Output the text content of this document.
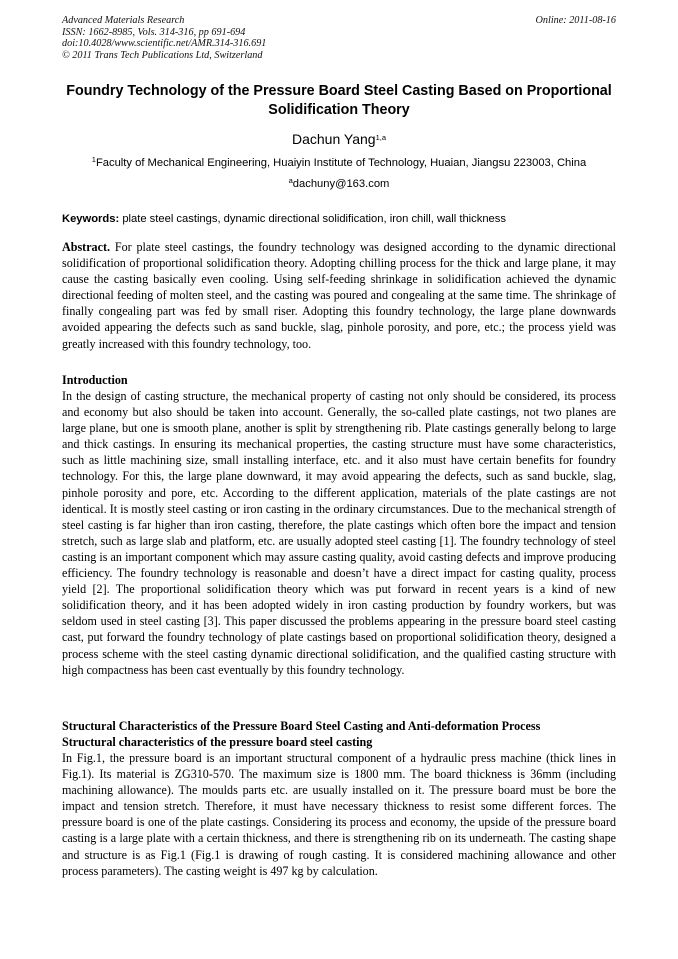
Advanced Materials Research
ISSN: 1662-8985, Vols. 314-316, pp 691-694
doi:10.4028/www.scientific.net/AMR.314-316.691
© 2011 Trans Tech Publications Ltd, Switzerland
Online: 2011-08-16
Foundry Technology of the Pressure Board Steel Casting Based on Proportional Solidification Theory
Dachun Yang$^{1,a}$
$^1$Faculty of Mechanical Engineering, Huaiyin Institute of Technology, Huaian, Jiangsu 223003, China
$^a$dachuny@163.com
Keywords: plate steel castings, dynamic directional solidification, iron chill, wall thickness

Abstract. For plate steel castings, the foundry technology was designed according to the dynamic directional solidification of proportional solidification theory. Adopting chilling process for the thick and large plane, it may cause the casting basically even cooling. Using self-feeding shrinkage in solidification achieved the dynamic directional feeding of molten steel, and the casting was poured and congealing at the same time. The shrinkage of finally congealing part was fed by small riser. Adopting this foundry technology, the large plane downwards avoided appearing the defects such as sand buckle, slag, pinhole porosity, and pore, etc.; the process yield was greatly increased with this foundry technology, too.

Introduction

In the design of casting structure, the mechanical property of casting not only should be considered, its process and economy but also should be taken into account. Generally, the so-called plate castings, not two planes are large plane, but one is smooth plane, another is split by strengthening rib. Plate castings generally belong to large and thick castings. In ensuring its mechanical properties, the casting structure must have some characteristics, such as little machining size, small installing interface, etc. and it also must have certain benefits for foundry technology. For this, the large plane downward, it may avoid appearing the defects, such as sand buckle, slag, pinhole porosity and pore, etc. According to the different application, materials of the plate castings are not identical. It is mostly steel casting or iron casting in the ordinary circumstances. Due to the mechanical strength of steel casting is far higher than iron casting, therefore, the plate castings which often bore the impact and tension stretch, such as large slab and platform, etc. are usually adopted steel casting [1]. The foundry technology of steel casting is an important component which may assure casting quality, avoid casting defects and improve producing efficiency. The foundry technology is reasonable and doesn’t have a direct impact for casting quality, process yield [2]. The proportional solidification theory which was put forward in recent years is a kind of new solidification theory, and it has been adopted widely in iron casting production by foundry workers, but was seldom used in steel casting [3]. This paper discussed the problems appearing in the pressure board steel casting cast, put forward the foundry technology of plate castings based on proportional solidification theory, designed a process scheme with the steel casting dynamic directional solidification, and the qualified casting structure with high compactness has been cast eventually by this foundry technology.

Structural Characteristics of the Pressure Board Steel Casting and Anti-deformation Process
Structural characteristics of the pressure board steel casting

In Fig.1, the pressure board is an important structural component of a hydraulic press machine (thick lines in Fig.1). Its material is ZG310-570. The maximum size is 1800 mm. The board thickness is 36mm (including machining allowance). The moulds parts etc. are usually installed on it. The pressure board must be bore the impact and tension stretch. Therefore, it must have necessary thickness to resist some different forces. The pressure board is one of the plate castings. Considering its process and economy, the upside of the pressure board casting is a large plate with a certain thickness, and there is strengthening rib on its underneath. The casting shape and structure is as Fig.1 (Fig.1 is drawing of rough casting. It is considered machining allowance and other process parameters). The casting weight is 497 kg by calculation.
